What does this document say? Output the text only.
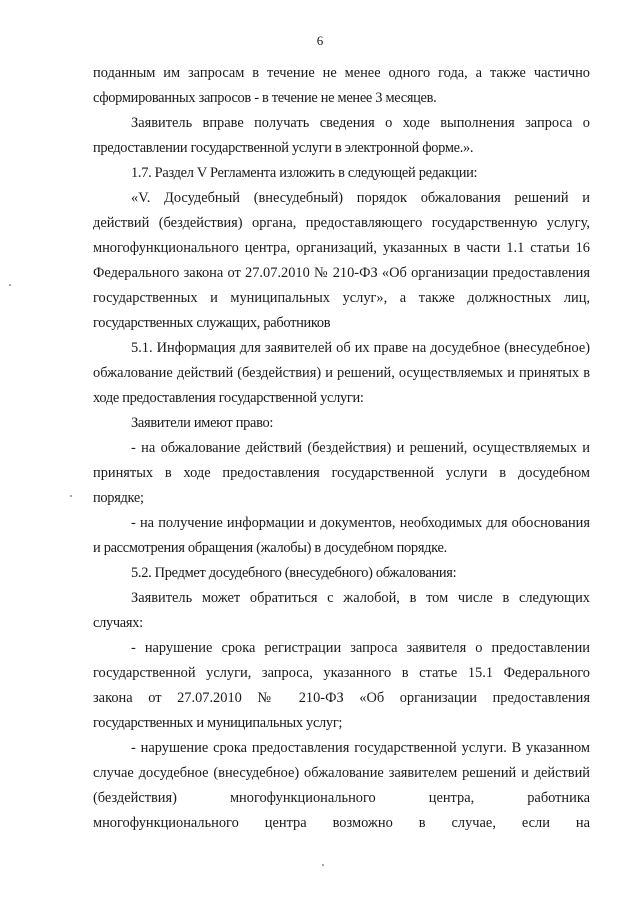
6
поданным им запросам в течение не менее одного года, а также частично
сформированных запросов - в течение не менее 3 месяцев.
Заявитель вправе получать сведения о ходе выполнения запроса о
предоставлении государственной услуги в электронной форме.».
1.7. Раздел V Регламента изложить в следующей редакции:
«V. Досудебный (внесудебный) порядок обжалования решений и
действий (бездействия) органа, предоставляющего государственную услугу,
многофункционального центра, организаций, указанных в части 1.1 статьи 16
Федерального закона от 27.07.2010 № 210-ФЗ «Об организации предоставления
государственных и муниципальных услуг», а также должностных лиц,
государственных служащих, работников
5.1. Информация для заявителей об их праве на досудебное (внесудебное)
обжалование действий (бездействия) и решений, осуществляемых и принятых в
ходе предоставления государственной услуги:
Заявители имеют право:
- на обжалование действий (бездействия) и решений, осуществляемых и
принятых в ходе предоставления государственной услуги в досудебном
порядке;
- на получение информации и документов, необходимых для обоснования
и рассмотрения обращения (жалобы) в досудебном порядке.
5.2. Предмет досудебного (внесудебного) обжалования:
Заявитель может обратиться с жалобой, в том числе в следующих
случаях:
- нарушение срока регистрации запроса заявителя о предоставлении
государственной услуги, запроса, указанного в статье 15.1 Федерального
закона от 27.07.2010 № 210-ФЗ «Об организации предоставления
государственных и муниципальных услуг;
- нарушение срока предоставления государственной услуги. В указанном
случае досудебное (внесудебное) обжалование заявителем решений и действий
(бездействия) многофункционального центра, работника
многофункционального центра возможно в случае, если на
